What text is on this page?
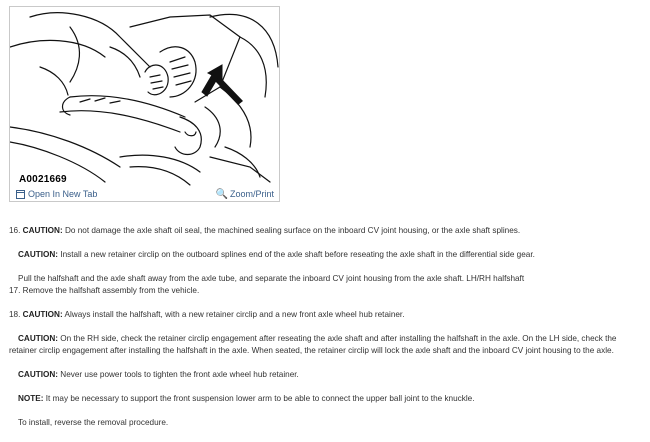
A0021669
Open In New Tab	🔍 Zoom/Print
16. CAUTION: Do not damage the axle shaft oil seal, the machined sealing surface on the inboard CV joint housing, or the axle shaft splines.
CAUTION: Install a new retainer circlip on the outboard splines end of the axle shaft before reseating the axle shaft in the differential side gear.
Pull the halfshaft and the axle shaft away from the axle tube, and separate the inboard CV joint housing from the axle shaft. LH/RH halfshaft
17. Remove the halfshaft assembly from the vehicle.
18. CAUTION: Always install the halfshaft, with a new retainer circlip and a new front axle wheel hub retainer.
CAUTION: On the RH side, check the retainer circlip engagement after reseating the axle shaft and after installing the halfshaft in the axle. On the LH side, check the
retainer circlip engagement after installing the halfshaft in the axle. When seated, the retainer circlip will lock the axle shaft and the inboard CV joint housing to the axle.
CAUTION: Never use power tools to tighten the front axle wheel hub retainer.
NOTE: It may be necessary to support the front suspension lower arm to be able to connect the upper ball joint to the knuckle.
To install, reverse the removal procedure.
